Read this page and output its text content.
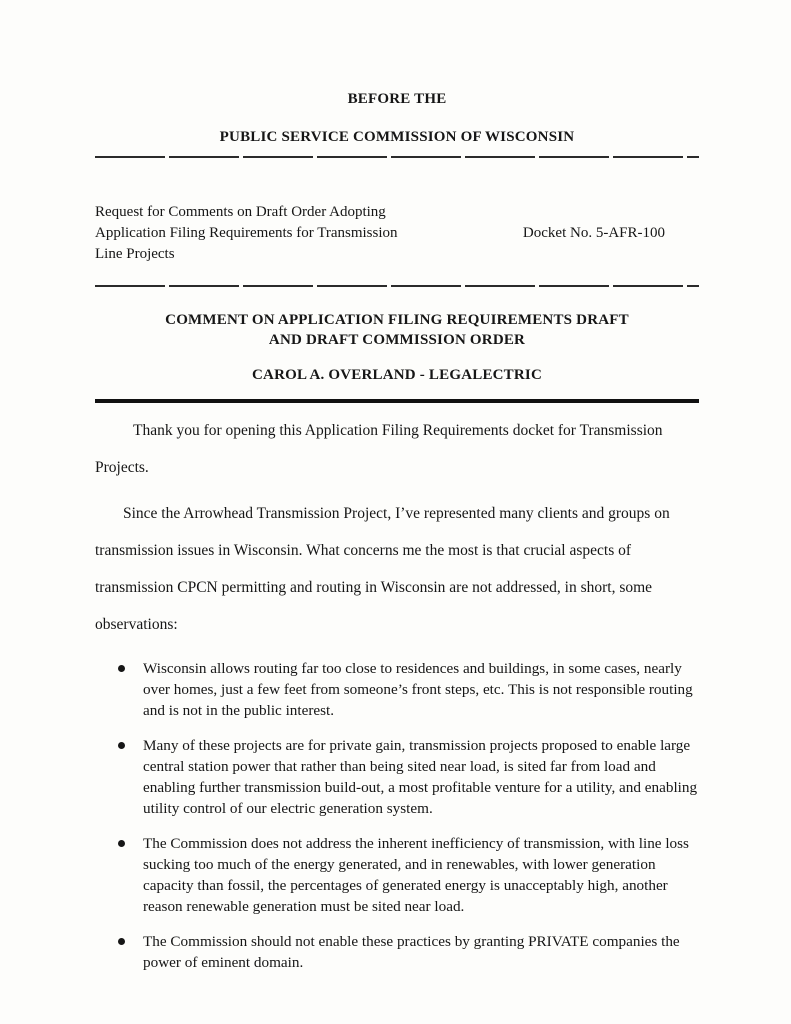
BEFORE THE
PUBLIC SERVICE COMMISSION OF WISCONSIN
Request for Comments on Draft Order Adopting
Application Filing Requirements for Transmission
Line Projects
Docket No. 5-AFR-100
COMMENT ON APPLICATION FILING REQUIREMENTS DRAFT
AND DRAFT COMMISSION ORDER
CAROL A. OVERLAND - LEGALECTRIC
Thank you for opening this Application Filing Requirements docket for Transmission
Projects.
Since the Arrowhead Transmission Project, I’ve represented many clients and groups on
transmission issues in Wisconsin. What concerns me the most is that crucial aspects of
transmission CPCN permitting and routing in Wisconsin are not addressed, in short, some
observations:
Wisconsin allows routing far too close to residences and buildings, in some cases, nearly over homes, just a few feet from someone’s front steps, etc. This is not responsible routing and is not in the public interest.
Many of these projects are for private gain, transmission projects proposed to enable large central station power that rather than being sited near load, is sited far from load and enabling further transmission build-out, a most profitable venture for a utility, and enabling utility control of our electric generation system.
The Commission does not address the inherent inefficiency of transmission, with line loss sucking too much of the energy generated, and in renewables, with lower generation capacity than fossil, the percentages of generated energy is unacceptably high, another reason renewable generation must be sited near load.
The Commission should not enable these practices by granting PRIVATE companies the power of eminent domain.
